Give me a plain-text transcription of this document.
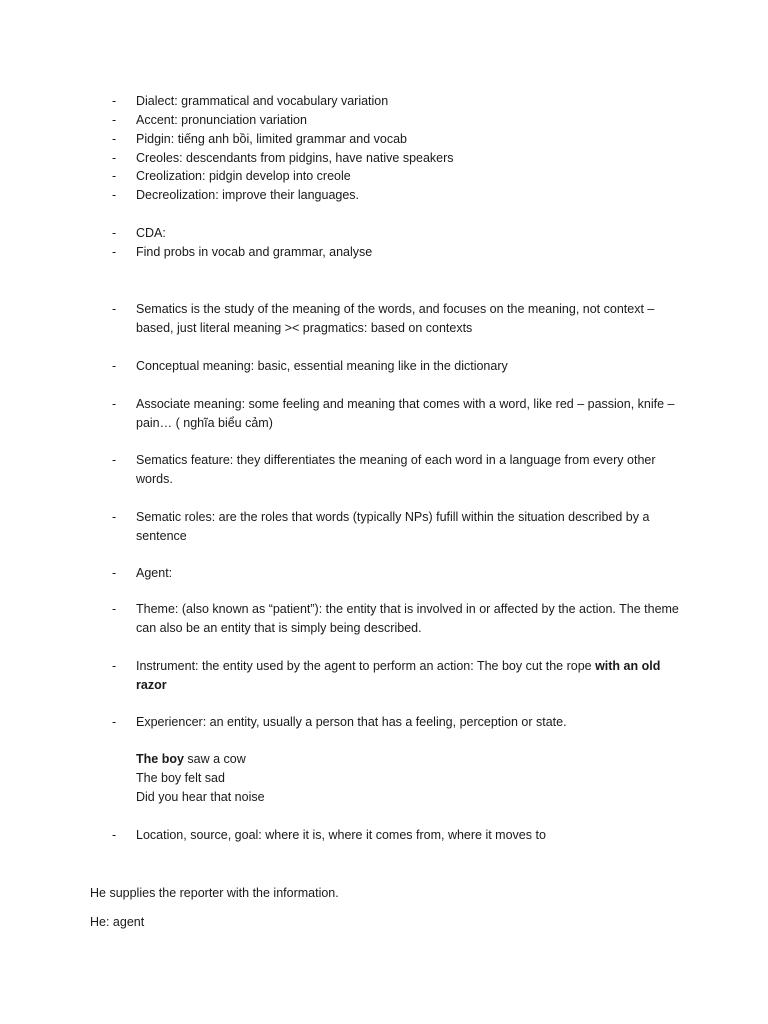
-	Dialect: grammatical and vocabulary variation
-	Accent: pronunciation variation
-	Pidgin: tiếng anh bồi, limited grammar and vocab
-	Creoles: descendants from pidgins, have native speakers
-	Creolization: pidgin develop into creole
-	Decreolization: improve their languages.
-	CDA:
-	Find probs in vocab and grammar, analyse
-	Sematics is the study of the meaning of the words, and focuses on the meaning, not context – based, just literal meaning >< pragmatics: based on contexts
-	Conceptual meaning: basic, essential meaning like in the dictionary
-	Associate meaning: some feeling and meaning that comes with a word, like red – passion, knife – pain… ( nghĩa biểu cảm)
-	Sematics feature: they differentiates the meaning of each word in a language from every other words.
-	Sematic roles: are the roles that words (typically NPs) fufill within the situation described by a sentence
-	Agent:
-	Theme: (also known as “patient”): the entity that is involved in or affected by the action. The theme can also be an entity that is simply being described.
-	Instrument: the entity used by the agent to perform an action: The boy cut the rope with an old razor
-	Experiencer: an entity, usually a person that has a feeling, perception or state.
-	Location, source, goal: where it is, where it comes from, where it moves to
The boy saw a cow
The boy felt sad
Did you hear that noise
He supplies the reporter with the information.
He: agent
